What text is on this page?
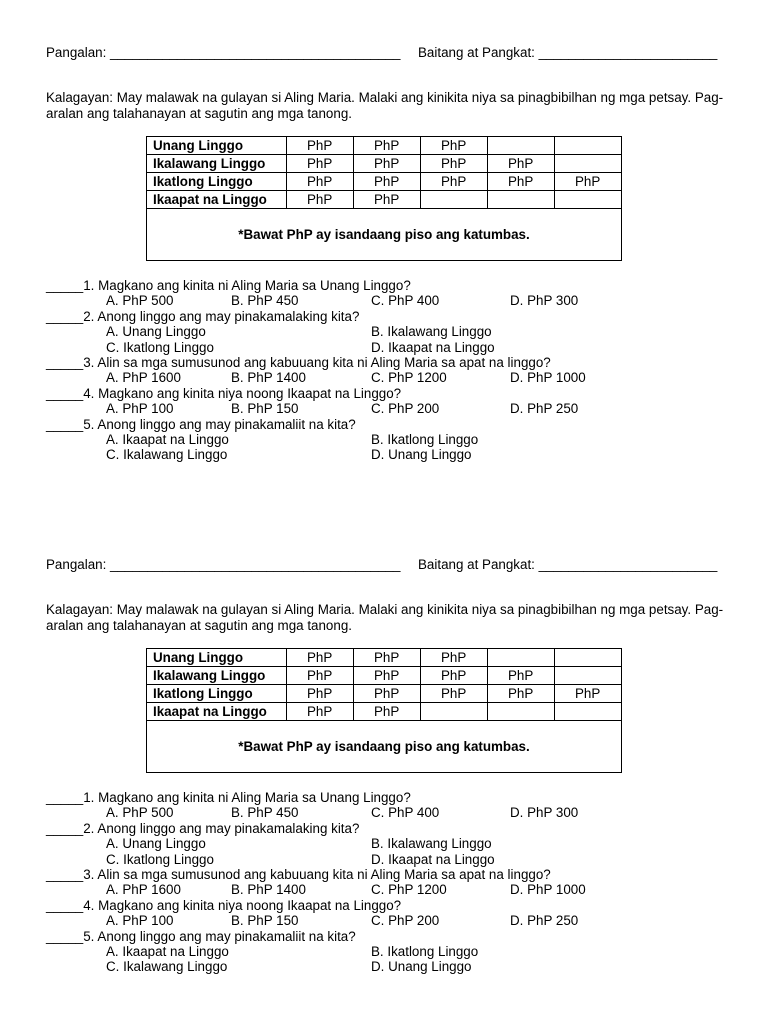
Pangalan: _______________________________________ Baitang at Pangkat: ________________________
Kalagayan: May malawak na gulayan si Aling Maria. Malaki ang kinikita niya sa pinagbibilhan ng mga petsay. Pag-aralan ang talahanayan at sagutin ang mga tanong.
Unang Linggo	PhP	PhP	PhP		
Ikalawang Linggo	PhP	PhP	PhP	PhP	
Ikatlong Linggo	PhP	PhP	PhP	PhP	PhP
Ikaapat na Linggo	PhP	PhP			
*Bawat PhP ay isandaang piso ang katumbas.					
_____1. Magkano ang kinita ni Aling Maria sa Unang Linggo?
A. PhP 500	B. PhP 450	C. PhP 400	D. PhP 300
_____2. Anong linggo ang may pinakamalaking kita?
A. Unang Linggo	B. Ikalawang Linggo
C. Ikatlong Linggo	D. Ikaapat na Linggo
_____3. Alin sa mga sumusunod ang kabuuang kita ni Aling Maria sa apat na linggo?
A. PhP 1600	B. PhP 1400	C. PhP 1200	D. PhP 1000
_____4. Magkano ang kinita niya noong Ikaapat na Linggo?
A. PhP 100	B. PhP 150	C. PhP 200	D. PhP 250
_____5. Anong linggo ang may pinakamaliit na kita?
A. Ikaapat na Linggo	B. Ikatlong Linggo
C. Ikalawang Linggo	D. Unang Linggo
Pangalan: _______________________________________ Baitang at Pangkat: ________________________
Kalagayan: May malawak na gulayan si Aling Maria. Malaki ang kinikita niya sa pinagbibilhan ng mga petsay. Pag-aralan ang talahanayan at sagutin ang mga tanong.
Unang Linggo	PhP	PhP	PhP		
Ikalawang Linggo	PhP	PhP	PhP	PhP	
Ikatlong Linggo	PhP	PhP	PhP	PhP	PhP
Ikaapat na Linggo	PhP	PhP			
*Bawat PhP ay isandaang piso ang katumbas.					
_____1. Magkano ang kinita ni Aling Maria sa Unang Linggo?
A. PhP 500	B. PhP 450	C. PhP 400	D. PhP 300
_____2. Anong linggo ang may pinakamalaking kita?
A. Unang Linggo	B. Ikalawang Linggo
C. Ikatlong Linggo	D. Ikaapat na Linggo
_____3. Alin sa mga sumusunod ang kabuuang kita ni Aling Maria sa apat na linggo?
A. PhP 1600	B. PhP 1400	C. PhP 1200	D. PhP 1000
_____4. Magkano ang kinita niya noong Ikaapat na Linggo?
A. PhP 100	B. PhP 150	C. PhP 200	D. PhP 250
_____5. Anong linggo ang may pinakamaliit na kita?
A. Ikaapat na Linggo	B. Ikatlong Linggo
C. Ikalawang Linggo	D. Unang Linggo
